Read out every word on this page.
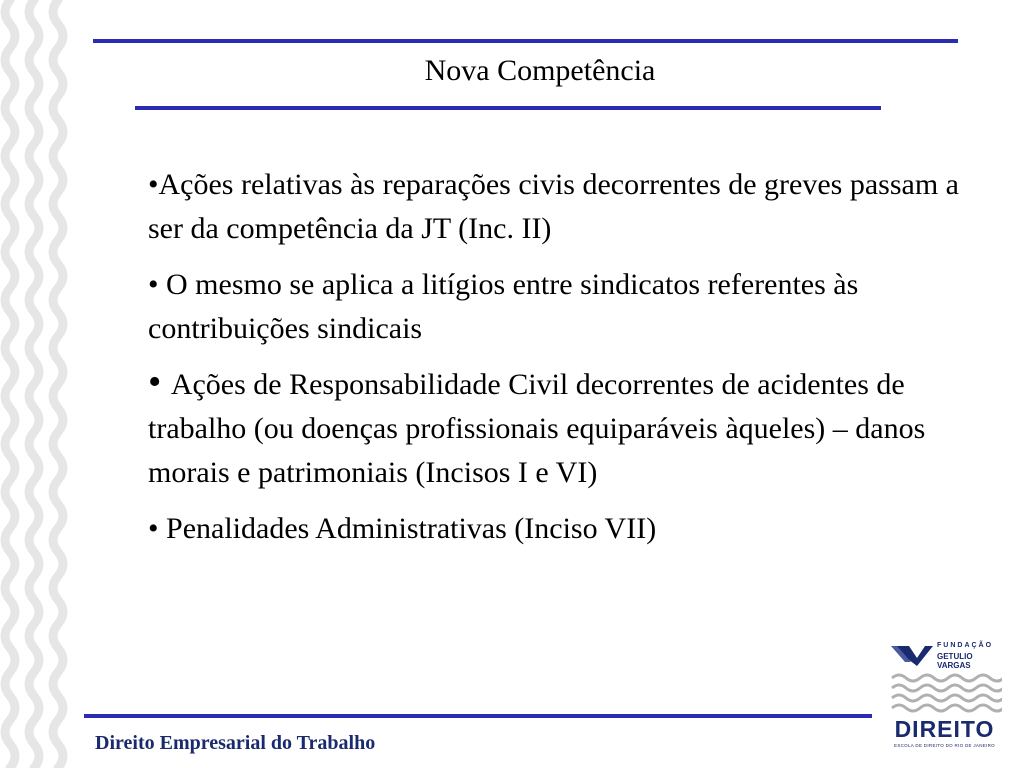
Nova Competência

•Ações relativas às reparações civis decorrentes de greves passam a ser da competência da JT (Inc. II)

• O mesmo se aplica a litígios entre sindicatos referentes às contribuições sindicais

• Ações de Responsabilidade Civil decorrentes de acidentes de trabalho (ou doenças profissionais equiparáveis àqueles) – danos morais e patrimoniais (Incisos I e VI)

• Penalidades Administrativas (Inciso VII)

Direito Empresarial do Trabalho
FUNDAÇÃO
GETULIO VARGAS
DIREITO
ESCOLA DE DIREITO DO RIO DE JANEIRO
